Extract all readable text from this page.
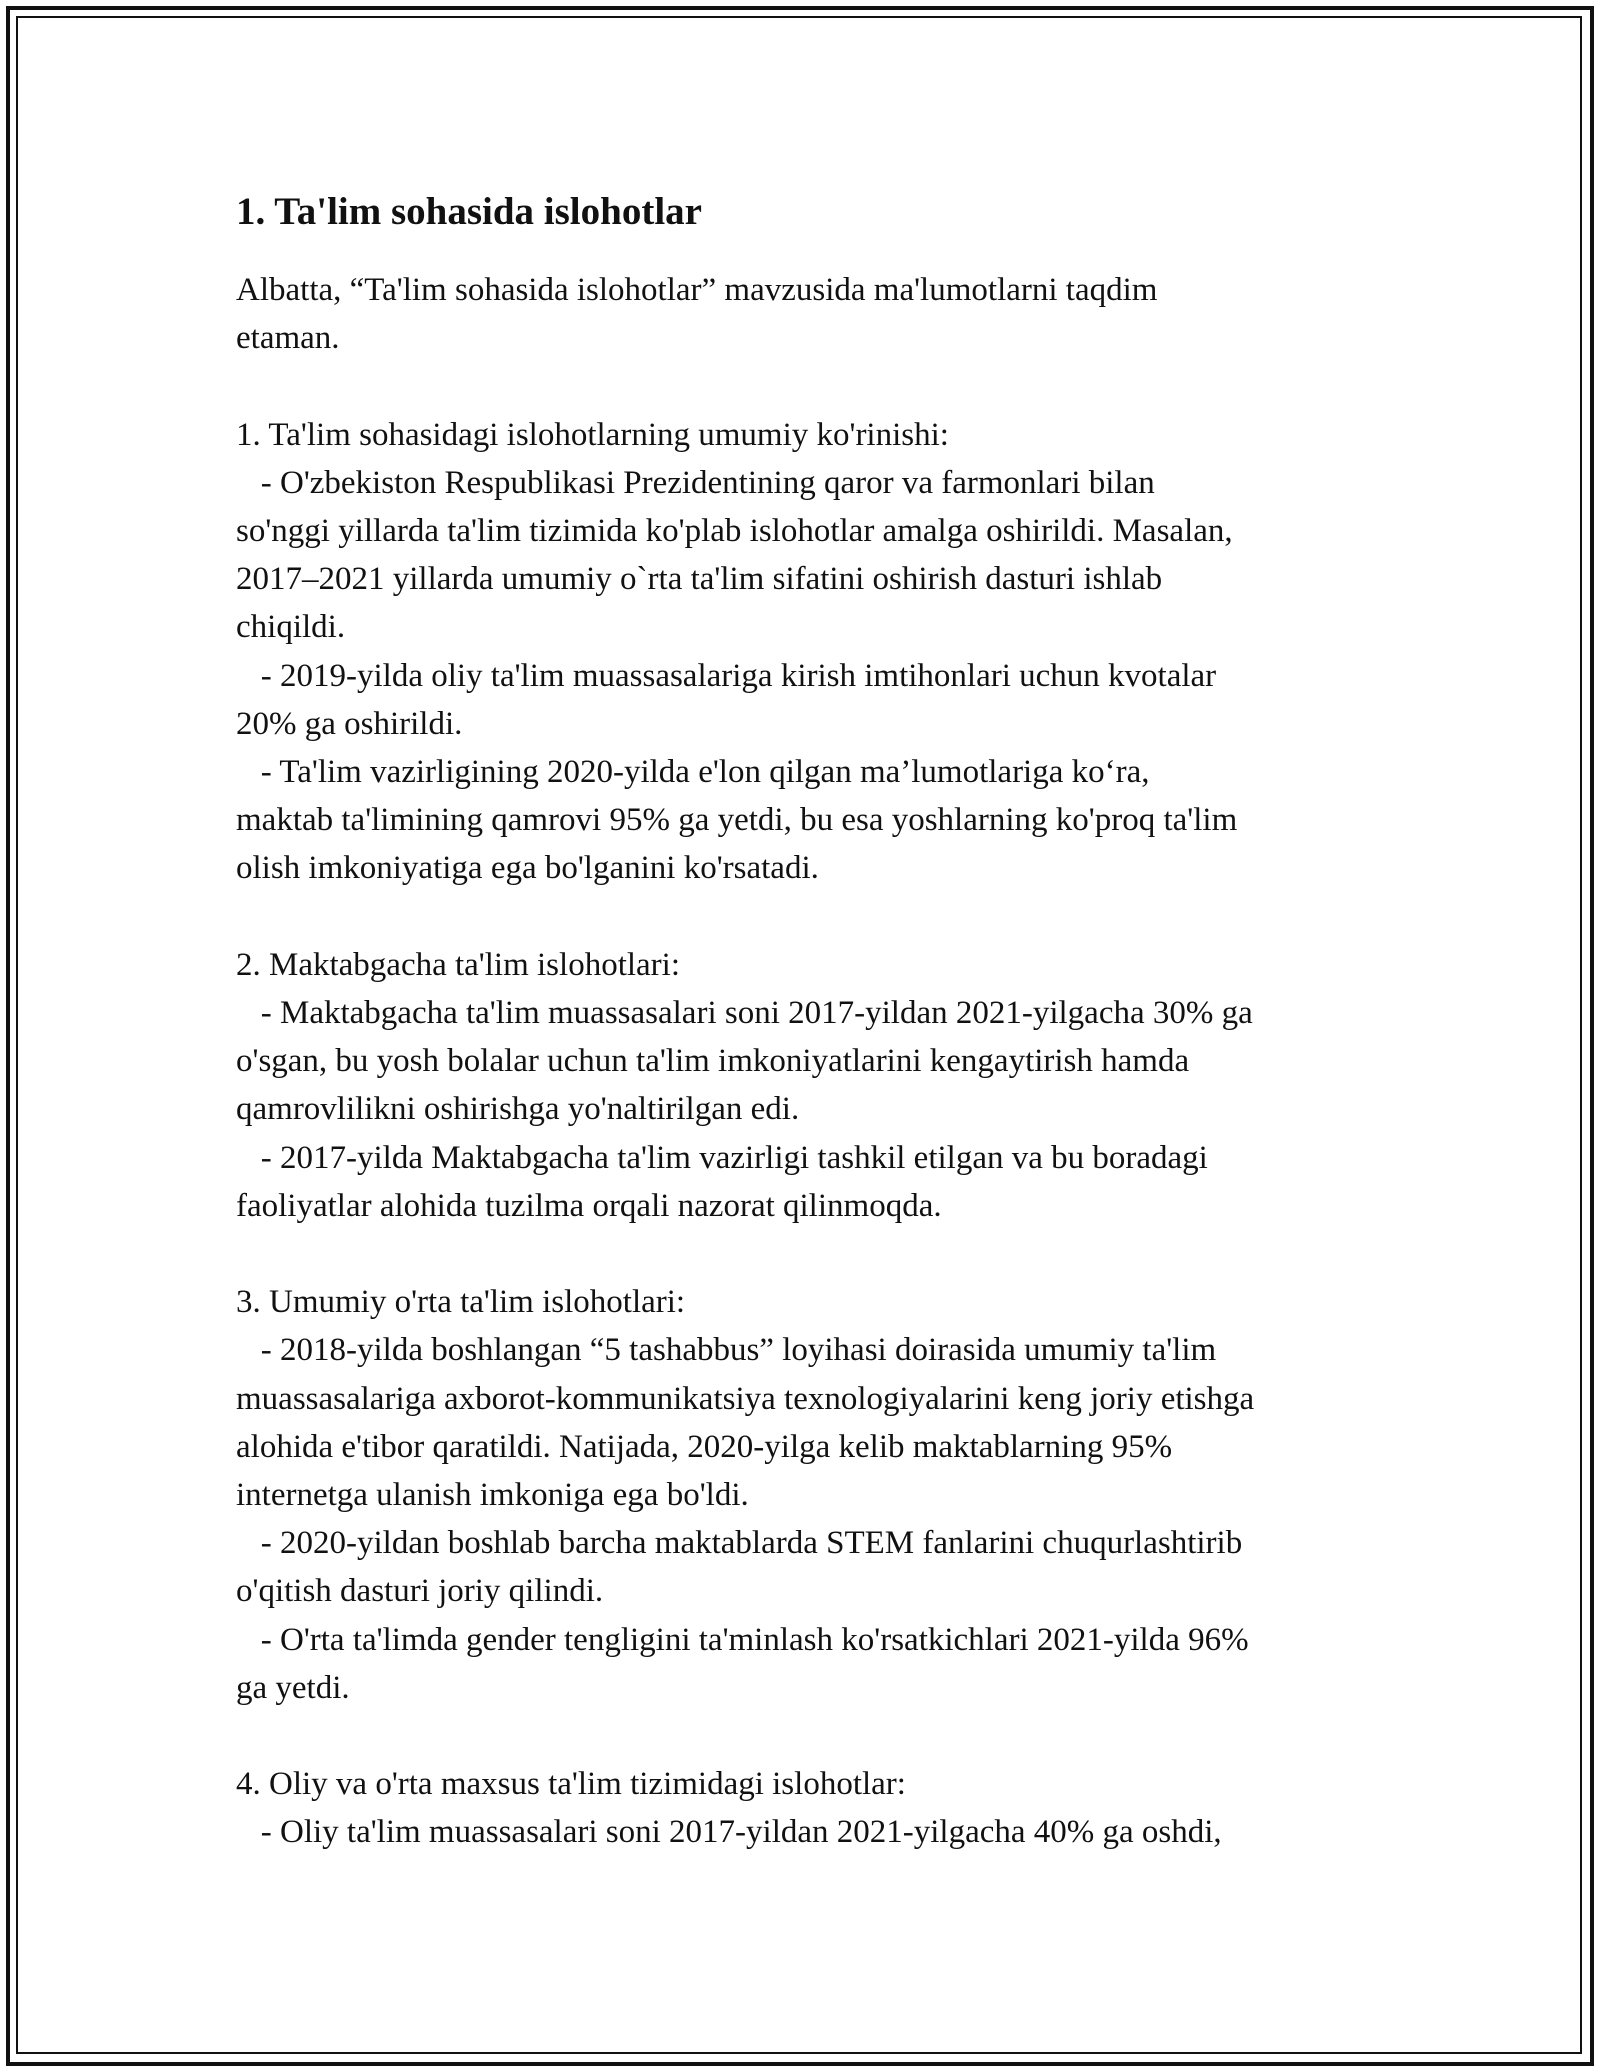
1. Ta'lim sohasida islohotlar

Albatta, “Ta'lim sohasida islohotlar” mavzusida ma'lumotlarni taqdim

etaman.

1. Ta'lim sohasidagi islohotlarning umumiy ko'rinishi:

- O'zbekiston Respublikasi Prezidentining qaror va farmonlari bilan

so'nggi yillarda ta'lim tizimida ko'plab islohotlar amalga oshirildi. Masalan,

2017–2021 yillarda umumiy o`rta ta'lim sifatini oshirish dasturi ishlab

chiqildi.

- 2019-yilda oliy ta'lim muassasalariga kirish imtihonlari uchun kvotalar

20% ga oshirildi.

- Ta'lim vazirligining 2020-yilda e'lon qilgan ma’lumotlariga ko‘ra,

maktab ta'limining qamrovi 95% ga yetdi, bu esa yoshlarning ko'proq ta'lim

olish imkoniyatiga ega bo'lganini ko'rsatadi.

2. Maktabgacha ta'lim islohotlari:

- Maktabgacha ta'lim muassasalari soni 2017-yildan 2021-yilgacha 30% ga

o'sgan, bu yosh bolalar uchun ta'lim imkoniyatlarini kengaytirish hamda

qamrovlilikni oshirishga yo'naltirilgan edi.

- 2017-yilda Maktabgacha ta'lim vazirligi tashkil etilgan va bu boradagi

faoliyatlar alohida tuzilma orqali nazorat qilinmoqda.

3. Umumiy o'rta ta'lim islohotlari:

- 2018-yilda boshlangan “5 tashabbus” loyihasi doirasida umumiy ta'lim

muassasalariga axborot-kommunikatsiya texnologiyalarini keng joriy etishga

alohida e'tibor qaratildi. Natijada, 2020-yilga kelib maktablarning 95%

internetga ulanish imkoniga ega bo'ldi.

- 2020-yildan boshlab barcha maktablarda STEM fanlarini chuqurlashtirib

o'qitish dasturi joriy qilindi.

- O'rta ta'limda gender tengligini ta'minlash ko'rsatkichlari 2021-yilda 96%

ga yetdi.

4. Oliy va o'rta maxsus ta'lim tizimidagi islohotlar:

- Oliy ta'lim muassasalari soni 2017-yildan 2021-yilgacha 40% ga oshdi,
